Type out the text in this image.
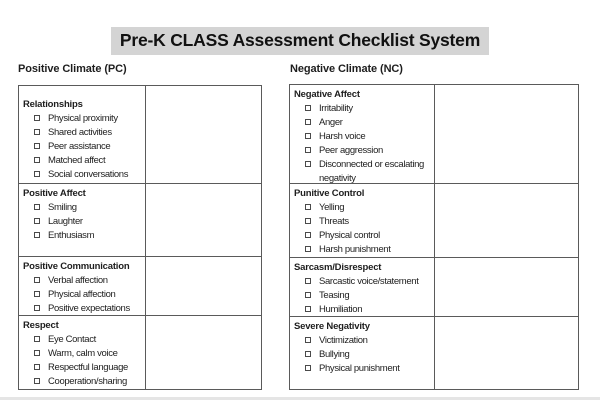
Pre-K CLASS Assessment Checklist System
Positive Climate (PC)	Negative Climate (NC)
Relationships
Physical proximity
Shared activities
Peer assistance
Matched affect
Social conversations
Positive Affect
Smiling
Laughter
Enthusiasm
Positive Communication
Verbal affection
Physical affection
Positive expectations
Respect
Eye Contact
Warm, calm voice
Respectful language
Cooperation/sharing
Negative Affect
Irritability
Anger
Harsh voice
Peer aggression
Disconnected or escalating negativity
Punitive Control
Yelling
Threats
Physical control
Harsh punishment
Sarcasm/Disrespect
Sarcastic voice/statement
Teasing
Humiliation
Severe Negativity
Victimization
Bullying
Physical punishment
